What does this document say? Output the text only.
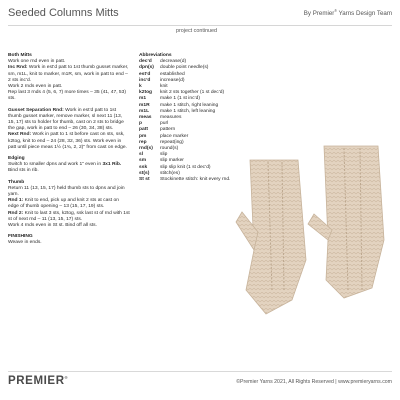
Seeded Columns Mitts	By Premier® Yarns Design Team
project continued
Both Mitts
Work one rnd even in patt.
Inc Rnd: Work in est’d patt to 1st thumb gusset marker, sm, m1L, knit to marker, m1R, sm, work in patt to end – 2 sts inc’d.
Work 2 rnds even in patt.
Rep last 3 rnds 4 (5, 6, 7) more times – 35 (41, 47, 53) sts.
Gusset Separation Rnd: Work in est’d patt to 1st thumb gusset marker, remove marker, sl next 11 (13, 15, 17) sts to holder for thumb, cast on 2 sts to bridge the gap, work in patt to end – 26 (30, 34, 38) sts.
Next Rnd: Work in patt to 1 st before cast on sts, ssk, k2tog, knit to end – 24 (28, 32, 36) sts. Work even in patt until piece meas 1½ (1¾, 2, 2)" from cast on edge.
Edging
Switch to smaller dpns and work 1" even in 3x1 Rib.
Bind sts in rib.
Thumb
Return 11 (13, 15, 17) held thumb sts to dpns and join yarn.
Rnd 1: Knit to end, pick up and knit 2 sts at cast on edge of thumb opening – 13 (15, 17, 19) sts.
Rnd 2: Knit to last 3 sts, k2tog, ssk last st of rnd with 1st st of next rnd – 11 (13, 15, 17) sts.
Work 4 rnds even in St st. Bind off all sts.
FINISHING
Weave in ends.
Abbreviations
dec’d	decrease(d)
dpn(s)	double point needle(s)
est’d	established
inc’d	increase(d)
k	knit
k2tog	knit 2 sts together (1 st dec’d)
m1	make 1 (1 st inc’d)
m1R	make 1 stitch, right leaning
m1L	make 1 stitch, left leaning
meas	measures
p	purl
patt	pattern
pm	place marker
rep	repeat(ing)
rnd(s)	round(s)
sl	slip
sm	slip marker
ssk	slip slip knit (1 st dec’d)
st(s)	stitch(es)
St st	Stockinette stitch: knit every rnd.
PREMIER®
©Premier Yarns 2021, All Rights Reserved | www.premieryarns.com
